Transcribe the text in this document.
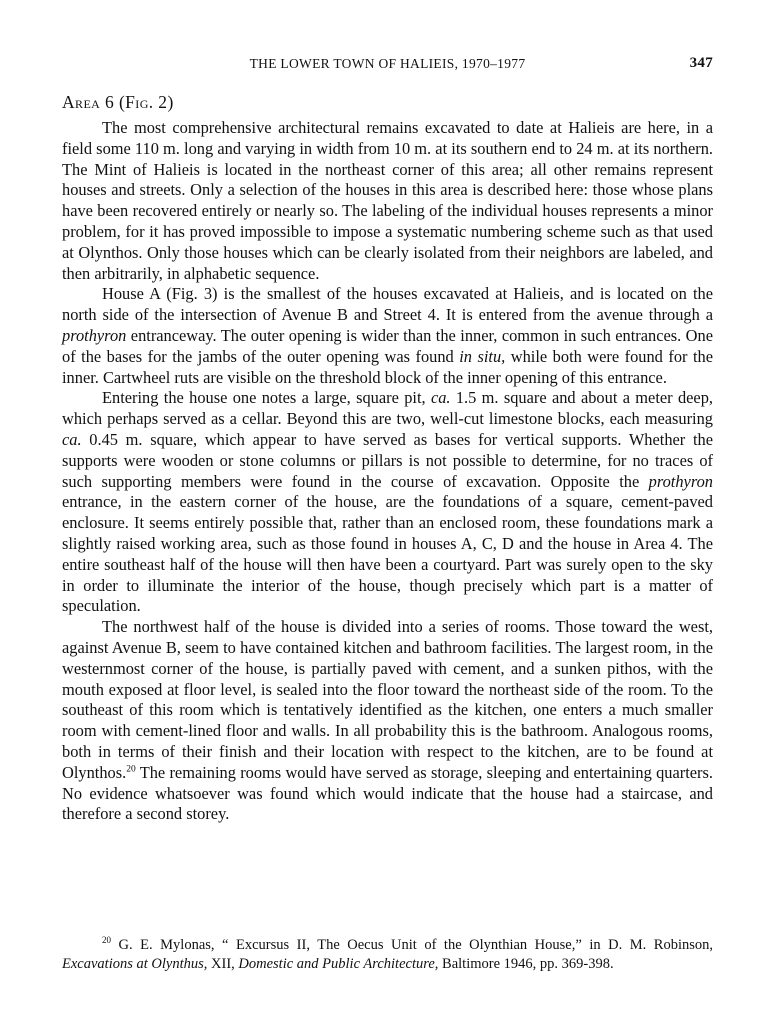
THE LOWER TOWN OF HALIEIS, 1970–1977	347
Area 6 (Fig. 2)

The most comprehensive architectural remains excavated to date at Halieis are here, in a field some 110 m. long and varying in width from 10 m. at its southern end to 24 m. at its northern. The Mint of Halieis is located in the northeast corner of this area; all other remains represent houses and streets. Only a selection of the houses in this area is described here: those whose plans have been recovered entirely or nearly so. The labeling of the individual houses represents a minor problem, for it has proved impossible to impose a systematic numbering scheme such as that used at Olynthos. Only those houses which can be clearly isolated from their neighbors are labeled, and then arbitrarily, in alphabetic sequence.

House A (Fig. 3) is the smallest of the houses excavated at Halieis, and is located on the north side of the intersection of Avenue B and Street 4. It is entered from the avenue through a prothyron entranceway. The outer opening is wider than the inner, common in such entrances. One of the bases for the jambs of the outer opening was found in situ, while both were found for the inner. Cartwheel ruts are visible on the threshold block of the inner opening of this entrance.

Entering the house one notes a large, square pit, ca. 1.5 m. square and about a meter deep, which perhaps served as a cellar. Beyond this are two, well-cut limestone blocks, each measuring ca. 0.45 m. square, which appear to have served as bases for vertical supports. Whether the supports were wooden or stone columns or pillars is not possible to determine, for no traces of such supporting members were found in the course of excavation. Opposite the prothyron entrance, in the eastern corner of the house, are the foundations of a square, cement-paved enclosure. It seems entirely possible that, rather than an enclosed room, these foundations mark a slightly raised working area, such as those found in houses A, C, D and the house in Area 4. The entire southeast half of the house will then have been a courtyard. Part was surely open to the sky in order to illuminate the interior of the house, though precisely which part is a matter of speculation.

The northwest half of the house is divided into a series of rooms. Those toward the west, against Avenue B, seem to have contained kitchen and bathroom facilities. The largest room, in the westernmost corner of the house, is partially paved with cement, and a sunken pithos, with the mouth exposed at floor level, is sealed into the floor toward the northeast side of the room. To the southeast of this room which is tentatively identified as the kitchen, one enters a much smaller room with cement-lined floor and walls. In all probability this is the bathroom. Analogous rooms, both in terms of their finish and their location with respect to the kitchen, are to be found at Olynthos.$^{20}$ The remaining rooms would have served as storage, sleeping and entertaining quarters. No evidence whatsoever was found which would indicate that the house had a staircase, and therefore a second storey.

$^{20}$ G. E. Mylonas, “ Excursus II, The Oecus Unit of the Olynthian House,” in D. M. Robinson, Excavations at Olynthus, XII, Domestic and Public Architecture, Baltimore 1946, pp. 369-398.
